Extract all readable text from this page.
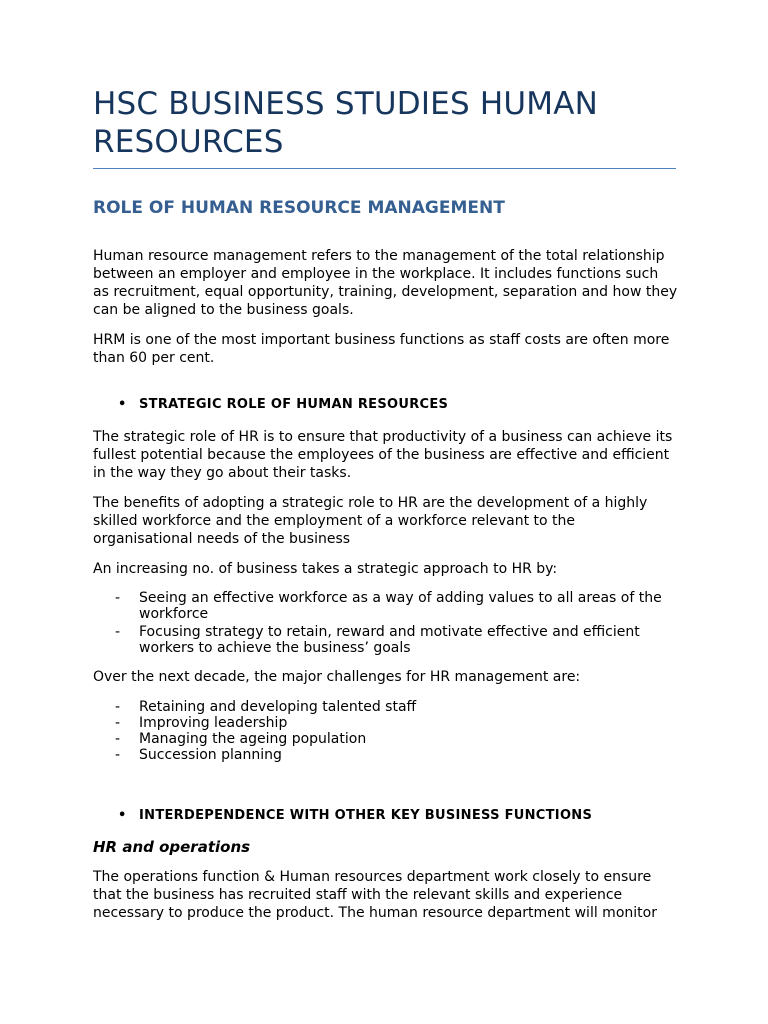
HSC BUSINESS STUDIES HUMAN RESOURCES
ROLE OF HUMAN RESOURCE MANAGEMENT

Human resource management refers to the management of the total relationship between an employer and employee in the workplace. It includes functions such as recruitment, equal opportunity, training, development, separation and how they can be aligned to the business goals.

HRM is one of the most important business functions as staff costs are often more than 60 per cent.

• STRATEGIC ROLE OF HUMAN RESOURCES

The strategic role of HR is to ensure that productivity of a business can achieve its fullest potential because the employees of the business are effective and efficient in the way they go about their tasks.

The benefits of adopting a strategic role to HR are the development of a highly skilled workforce and the employment of a workforce relevant to the organisational needs of the business

An increasing no. of business takes a strategic approach to HR by:

- Seeing an effective workforce as a way of adding values to all areas of the workforce
- Focusing strategy to retain, reward and motivate effective and efficient workers to achieve the business’ goals

Over the next decade, the major challenges for HR management are:

- Retaining and developing talented staff
- Improving leadership
- Managing the ageing population
- Succession planning
• INTERDEPENDENCE WITH OTHER KEY BUSINESS FUNCTIONS
HR and operations

The operations function & Human resources department work closely to ensure that the business has recruited staff with the relevant skills and experience necessary to produce the product. The human resource department will monitor
